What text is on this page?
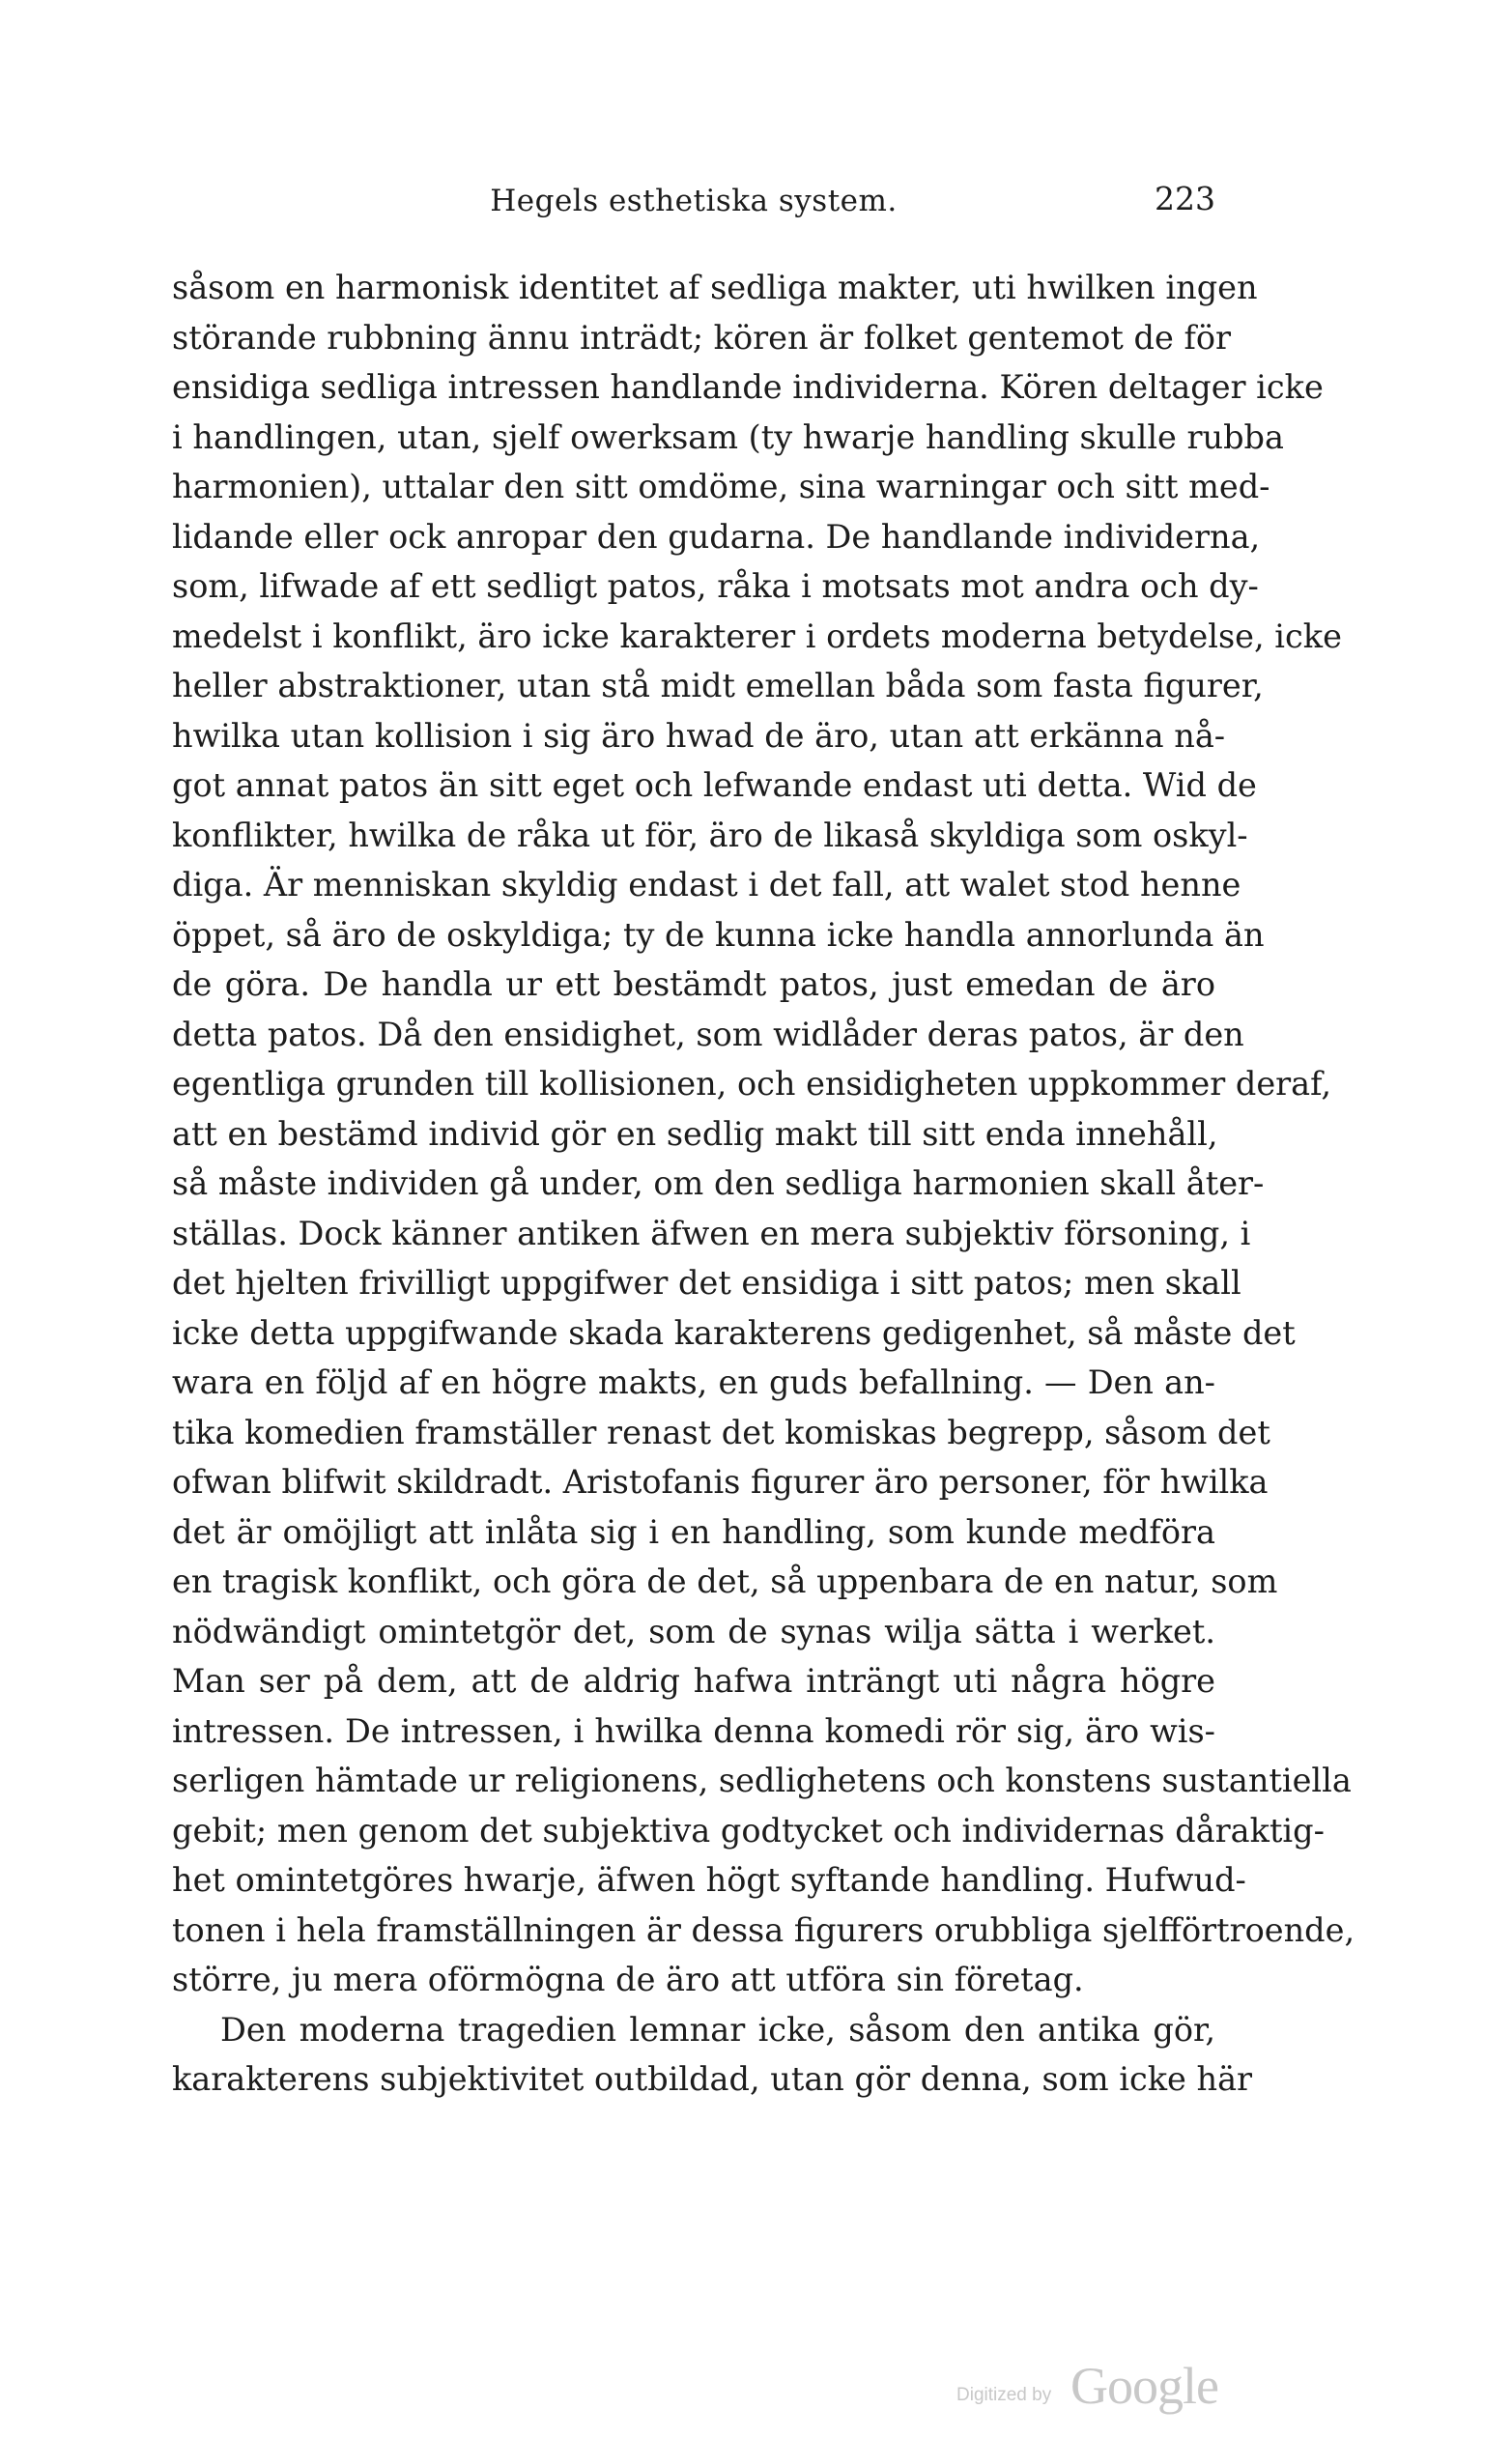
Hegels esthetiska system.	223
såsom en harmonisk identitet af sedliga makter, uti hwilken ingen
störande rubbning ännu inträdt; kören är folket gentemot de för
ensidiga sedliga intressen handlande individerna. Kören deltager icke
i handlingen, utan, sjelf owerksam (ty hwarje handling skulle rubba
harmonien), uttalar den sitt omdöme, sina warningar och sitt med-
lidande eller ock anropar den gudarna. De handlande individerna,
som, lifwade af ett sedligt patos, råka i motsats mot andra och dy-
medelst i konflikt, äro icke karakterer i ordets moderna betydelse, icke
heller abstraktioner, utan stå midt emellan båda som fasta figurer,
hwilka utan kollision i sig äro hwad de äro, utan att erkänna nå-
got annat patos än sitt eget och lefwande endast uti detta. Wid de
konflikter, hwilka de råka ut för, äro de likaså skyldiga som oskyl-
diga. Är menniskan skyldig endast i det fall, att walet stod henne
öppet, så äro de oskyldiga; ty de kunna icke handla annorlunda än
de göra. De handla ur ett bestämdt patos, just emedan de äro
detta patos. Då den ensidighet, som widlåder deras patos, är den
egentliga grunden till kollisionen, och ensidigheten uppkommer deraf,
att en bestämd individ gör en sedlig makt till sitt enda innehåll,
så måste individen gå under, om den sedliga harmonien skall åter-
ställas. Dock känner antiken äfwen en mera subjektiv försoning, i
det hjelten frivilligt uppgifwer det ensidiga i sitt patos; men skall
icke detta uppgifwande skada karakterens gedigenhet, så måste det
wara en följd af en högre makts, en guds befallning. — Den an-
tika komedien framställer renast det komiskas begrepp, såsom det
ofwan blifwit skildradt. Aristofanis figurer äro personer, för hwilka
det är omöjligt att inlåta sig i en handling, som kunde medföra
en tragisk konflikt, och göra de det, så uppenbara de en natur, som
nödwändigt omintetgör det, som de synas wilja sätta i werket.
Man ser på dem, att de aldrig hafwa inträngt uti några högre
intressen. De intressen, i hwilka denna komedi rör sig, äro wis-
serligen hämtade ur religionens, sedlighetens och konstens sustantiella
gebit; men genom det subjektiva godtycket och individernas dåraktig-
het omintetgöres hwarje, äfwen högt syftande handling. Hufwud-
tonen i hela framställningen är dessa figurers orubbliga sjelfförtroende,
större, ju mera oförmögna de äro att utföra sin företag.
Den moderna tragedien lemnar icke, såsom den antika gör,
karakterens subjektivitet outbildad, utan gör denna, som icke här
Digitized by Google
